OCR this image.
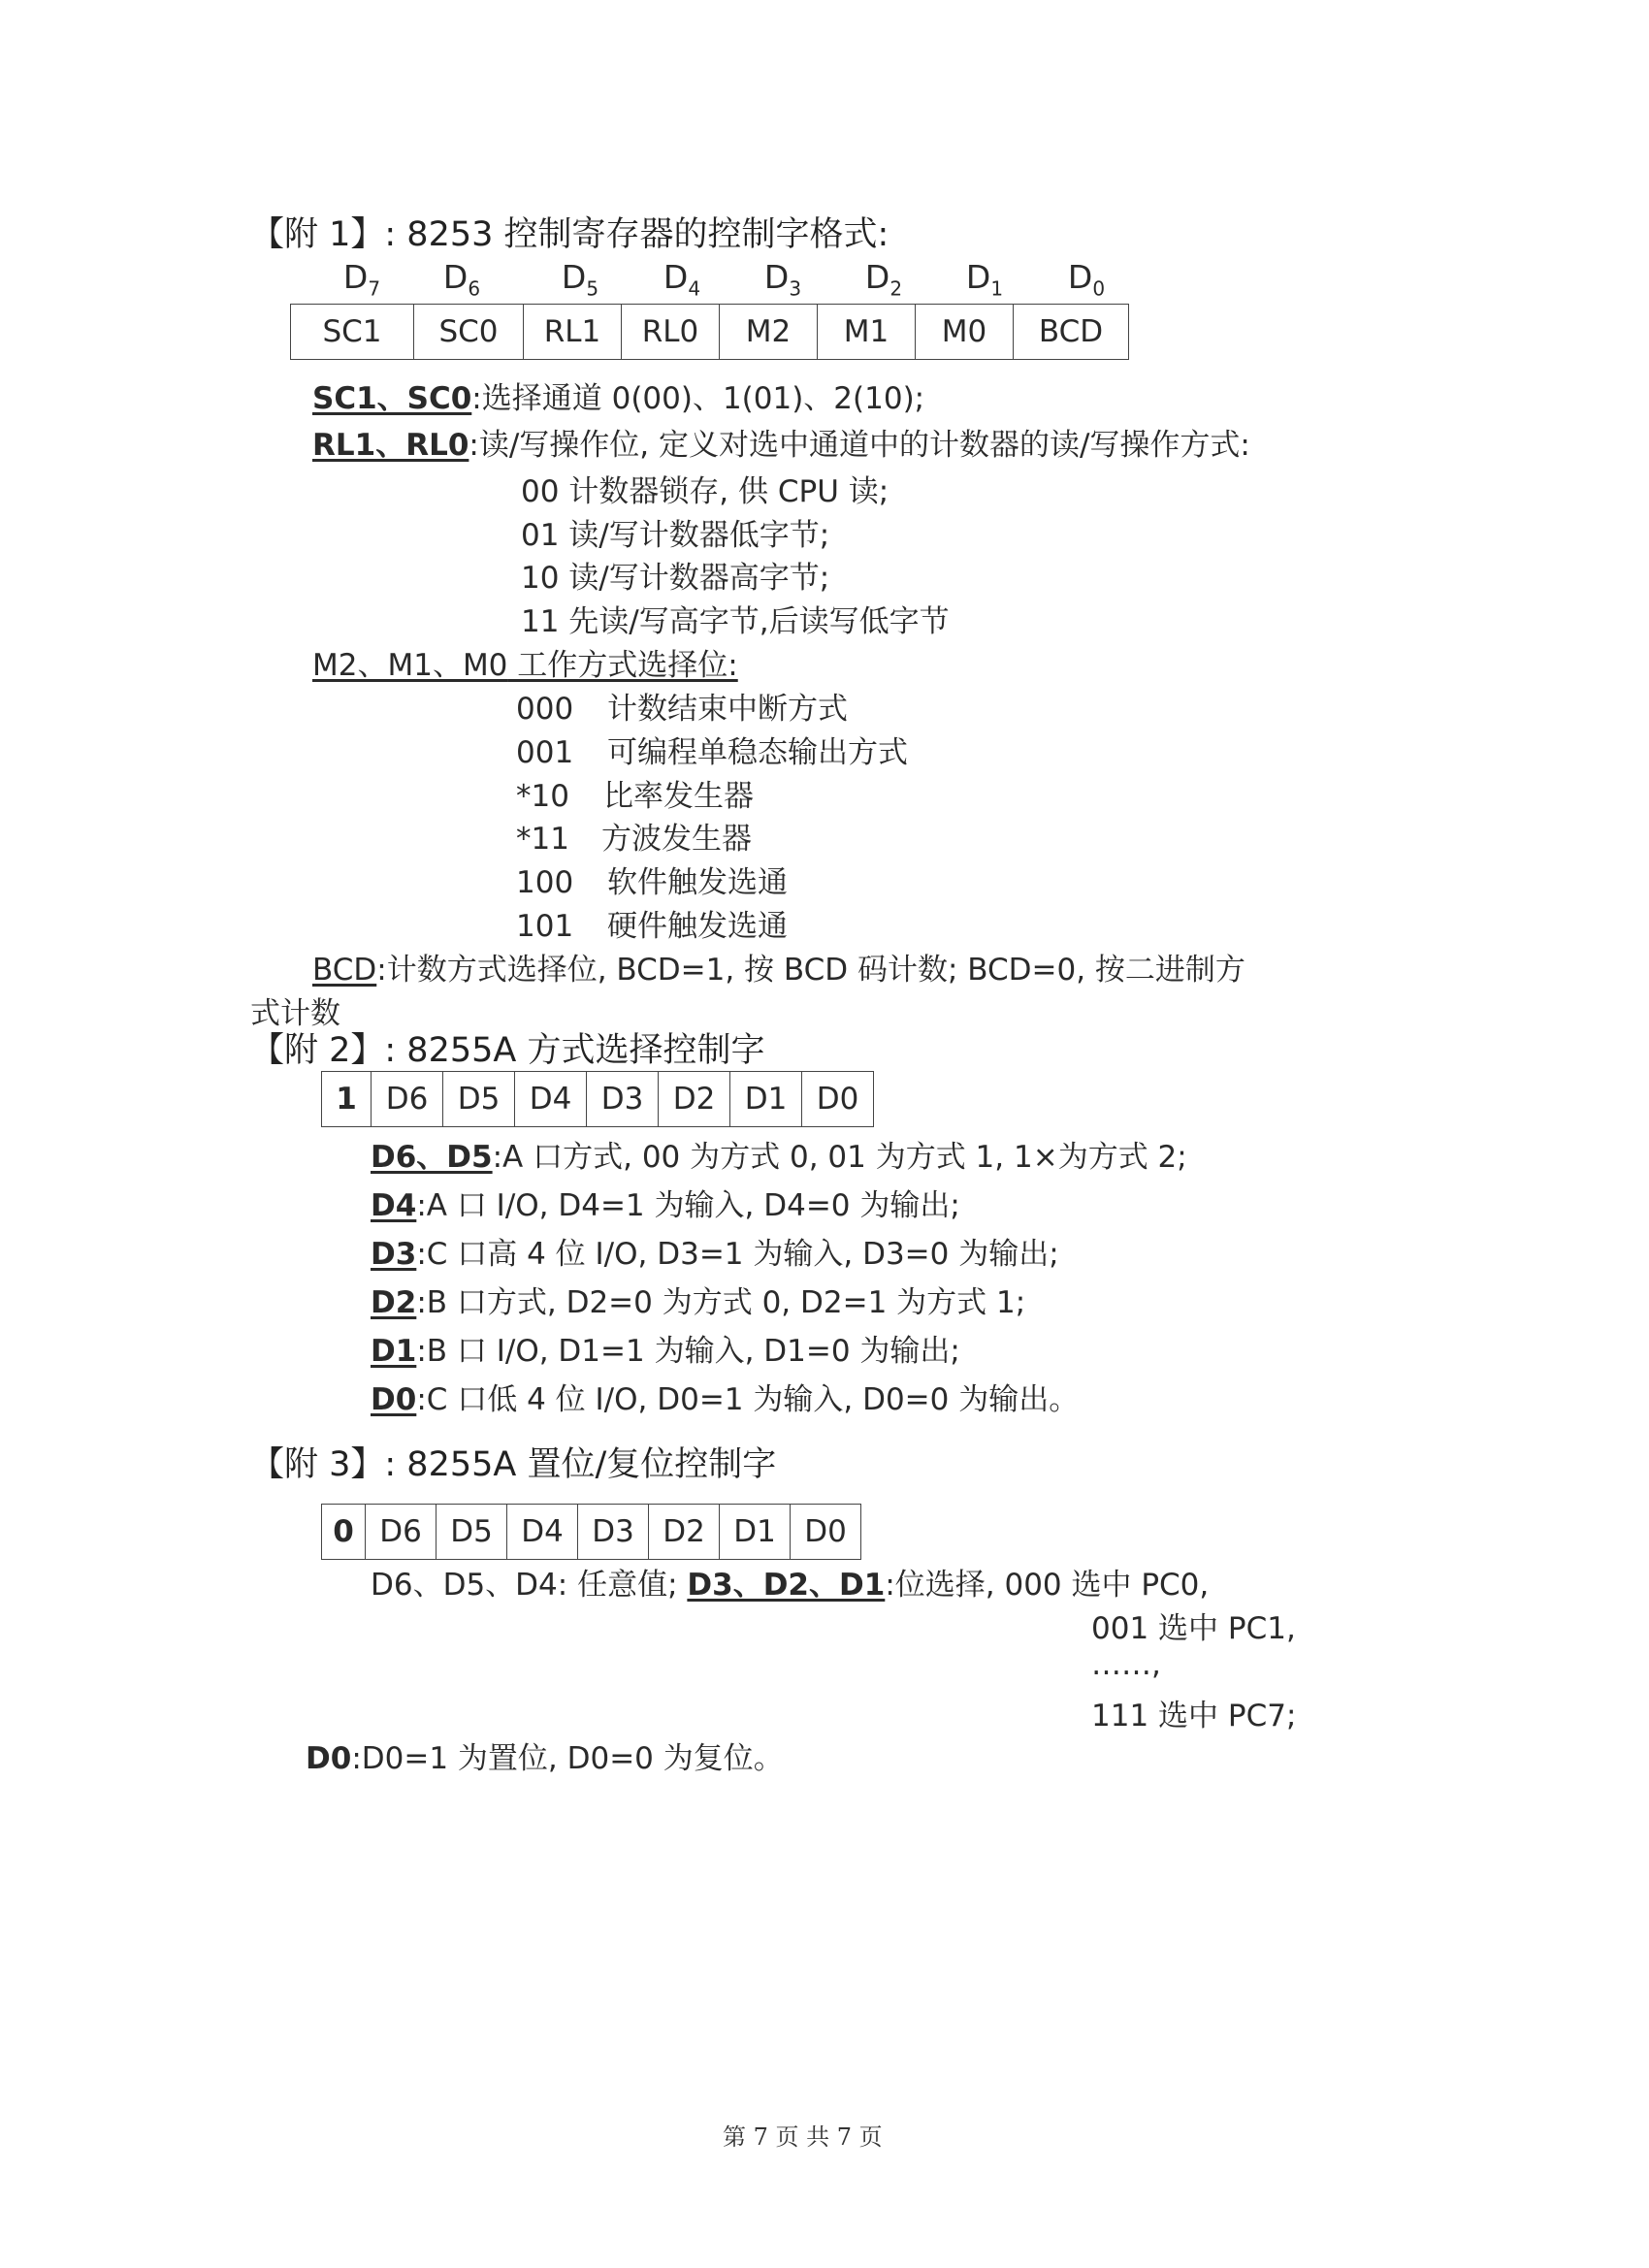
【附 1】: 8253 控制寄存器的控制字格式:
$D_7$	$D_6$	$D_5$	$D_4$	$D_3$	$D_2$	$D_1$	$D_0$
SC1	SC0	RL1	RL0	M2	M1	M0	BCD
SC1、SC0:选择通道 0(00)、1(01)、2(10);
RL1、RL0:读/写操作位, 定义对选中通道中的计数器的读/写操作方式:
00 计数器锁存, 供 CPU 读;
01 读/写计数器低字节;
10 读/写计数器高字节;
11 先读/写高字节,后读写低字节
M2、M1、M0 工作方式选择位:
000 计数结束中断方式
001 可编程单稳态输出方式
*10 比率发生器
*11 方波发生器
100 软件触发选通
101 硬件触发选通
BCD:计数方式选择位, BCD=1, 按 BCD 码计数; BCD=0, 按二进制方
式计数
【附 2】: 8255A 方式选择控制字
1	D6	D5	D4	D3	D2	D1	D0
D6、D5:A 口方式, 00 为方式 0, 01 为方式 1, 1×为方式 2;
D4:A 口 I/O, D4=1 为输入, D4=0 为输出;
D3:C 口高 4 位 I/O, D3=1 为输入, D3=0 为输出;
D2:B 口方式, D2=0 为方式 0, D2=1 为方式 1;
D1:B 口 I/O, D1=1 为输入, D1=0 为输出;
D0:C 口低 4 位 I/O, D0=1 为输入, D0=0 为输出。
【附 3】: 8255A 置位/复位控制字
0	D6	D5	D4	D3	D2	D1	D0
D6、D5、D4: 任意值; D3、D2、D1:位选择, 000 选中 PC0,
001 选中 PC1,
……,
111 选中 PC7;
D0:D0=1 为置位, D0=0 为复位。
第 7 页 共 7 页
